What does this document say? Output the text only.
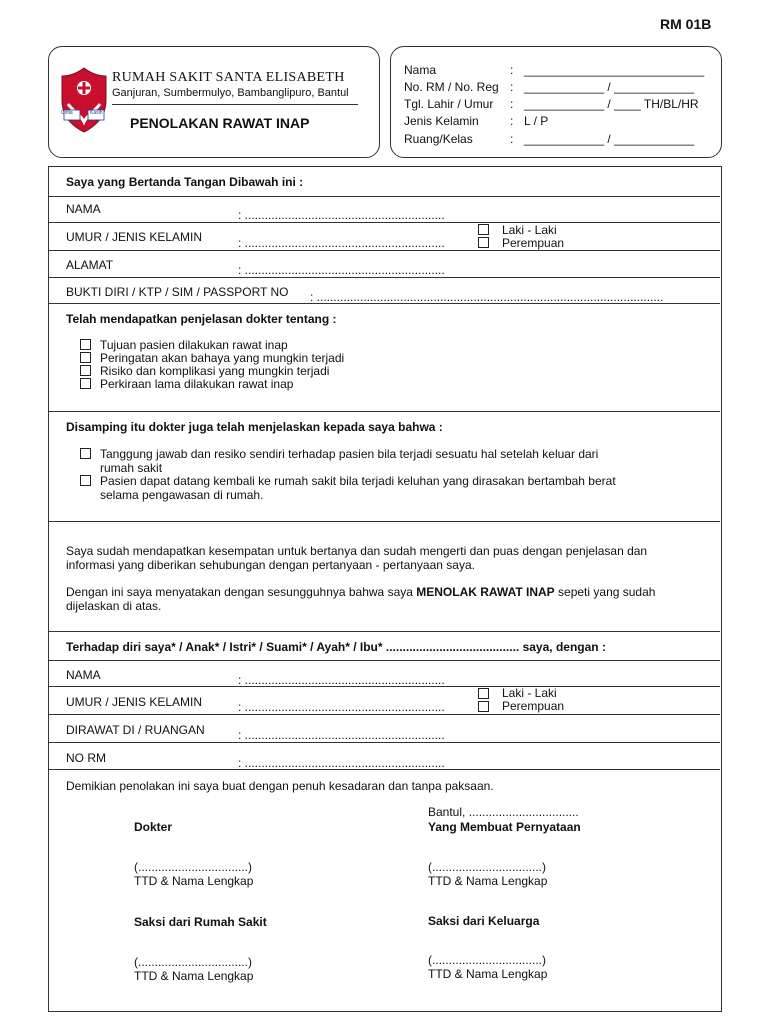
RM 01B
Cinta	Kasih
RUMAH SAKIT SANTA ELISABETH
Ganjuran, Sumbermulyo, Bambanglipuro, Bantul
PENOLAKAN RAWAT INAP
Nama	: ___________________________
No. RM / No. Reg : ____________ / ____________
Tgl. Lahir / Umur : ____________ / ____ TH/BL/HR
Jenis Kelamin	: L / P
Ruang/Kelas	: ____________ / ____________
Saya yang Bertanda Tangan Dibawah ini :
NAMA	: ............................................................
UMUR / JENIS KELAMIN	: ............................................................
Laki - Laki
Perempuan
ALAMAT	: ............................................................
BUKTI DIRI / KTP / SIM / PASSPORT NO : ........................................................................................................
Telah mendapatkan penjelasan dokter tentang :
Tujuan pasien dilakukan rawat inap
Peringatan akan bahaya yang mungkin terjadi
Risiko dan komplikasi yang mungkin terjadi
Perkiraan lama dilakukan rawat inap
Disamping itu dokter juga telah menjelaskan kepada saya bahwa :
Tanggung jawab dan resiko sendiri terhadap pasien bila terjadi sesuatu hal setelah keluar dari
rumah sakit
Pasien dapat datang kembali ke rumah sakit bila terjadi keluhan yang dirasakan bertambah berat
selama pengawasan di rumah.
Saya sudah mendapatkan kesempatan untuk bertanya dan sudah mengerti dan puas dengan penjelasan dan
informasi yang diberikan sehubungan dengan pertanyaan - pertanyaan saya.
Dengan ini saya menyatakan dengan sesungguhnya bahwa saya MENOLAK RAWAT INAP sepeti yang sudah
dijelaskan di atas.
Terhadap diri saya* / Anak* / Istri* / Suami* / Ayah* / Ibu* ........................................ saya, dengan :
NAMA	: ............................................................
UMUR / JENIS KELAMIN	: ............................................................
Laki - Laki
Perempuan
DIRAWAT DI / RUANGAN	: ............................................................
NO RM	: ............................................................
Demikian penolakan ini saya buat dengan penuh kesadaran dan tanpa paksaan.
Bantul, .................................
Dokter	Yang Membuat Pernyataan
(.................................)
TTD & Nama Lengkap
(.................................)
TTD & Nama Lengkap
Saksi dari Rumah Sakit	Saksi dari Keluarga
(.................................)
TTD & Nama Lengkap
(.................................)
TTD & Nama Lengkap
